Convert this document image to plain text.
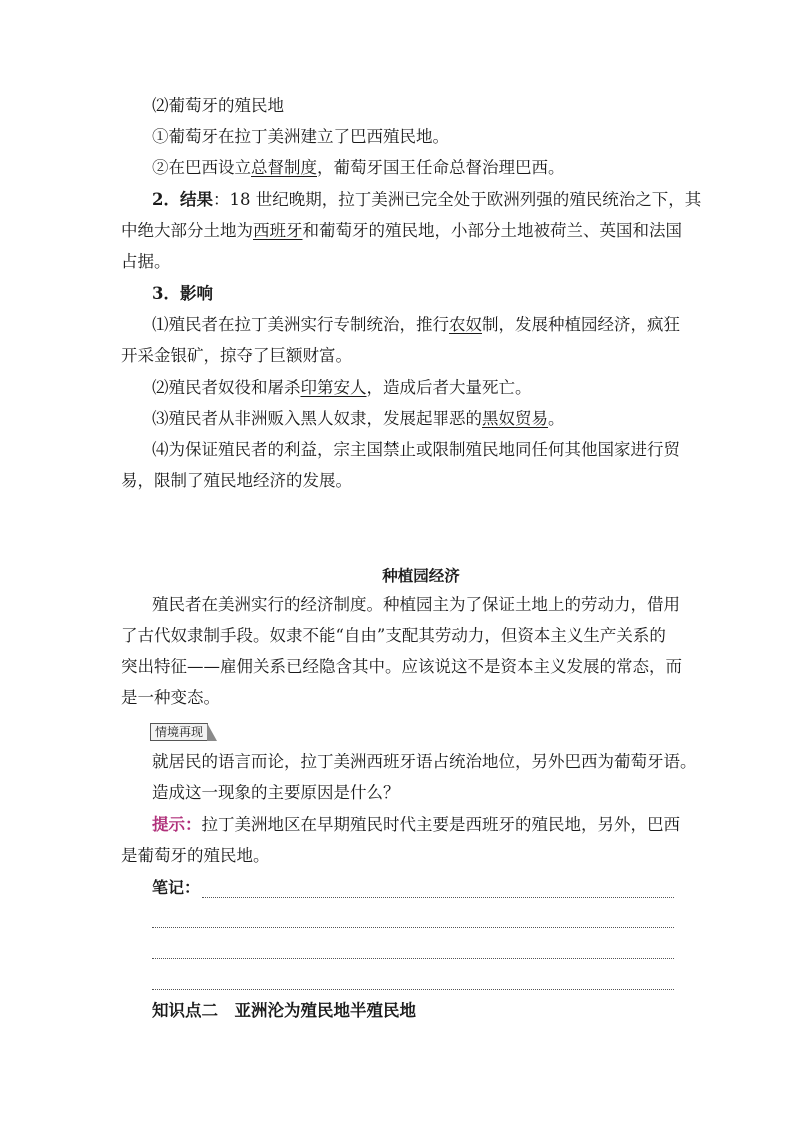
⑵葡萄牙的殖民地
①葡萄牙在拉丁美洲建立了巴西殖民地。
②在巴西设立总督制度，葡萄牙国王任命总督治理巴西。
2．结果：18 世纪晚期，拉丁美洲已完全处于欧洲列强的殖民统治之下，其
中绝大部分土地为西班牙和葡萄牙的殖民地，小部分土地被荷兰、英国和法国
占据。
3．影响
⑴殖民者在拉丁美洲实行专制统治，推行农奴制，发展种植园经济，疯狂
开采金银矿，掠夺了巨额财富。
⑵殖民者奴役和屠杀印第安人，造成后者大量死亡。
⑶殖民者从非洲贩入黑人奴隶，发展起罪恶的黑奴贸易。
⑷为保证殖民者的利益，宗主国禁止或限制殖民地同任何其他国家进行贸
易，限制了殖民地经济的发展。
种植园经济
殖民者在美洲实行的经济制度。种植园主为了保证土地上的劳动力，借用
了古代奴隶制手段。奴隶不能“自由”支配其劳动力，但资本主义生产关系的
突出特征——雇佣关系已经隐含其中。应该说这不是资本主义发展的常态，而
是一种变态。
情境再现
就居民的语言而论，拉丁美洲西班牙语占统治地位，另外巴西为葡萄牙语。
造成这一现象的主要原因是什么？
提示：拉丁美洲地区在早期殖民时代主要是西班牙的殖民地，另外，巴西
是葡萄牙的殖民地。
笔记：
知识点二　亚洲沦为殖民地半殖民地
